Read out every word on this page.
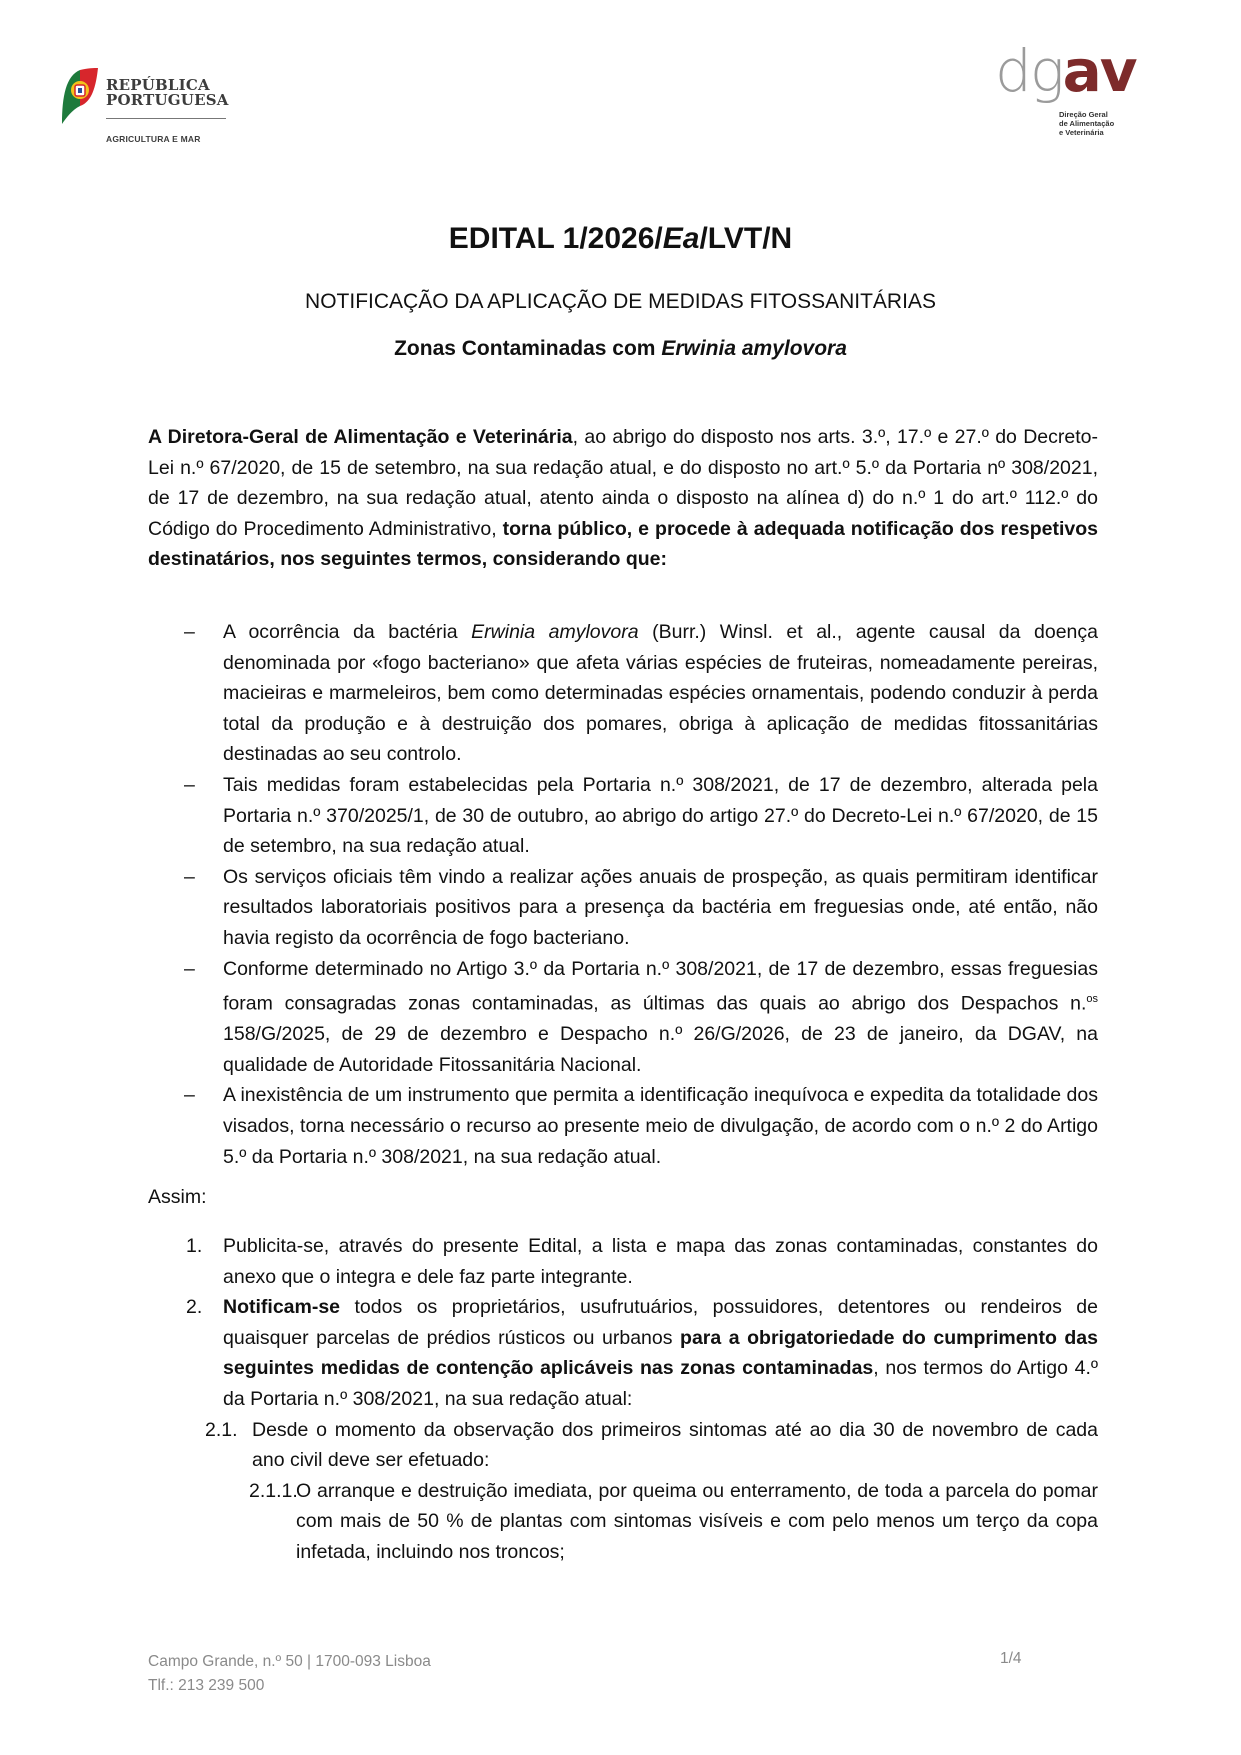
REPÚBLICA
PORTUGUESA
AGRICULTURA E MAR
dgav
Direção Geral
de Alimentação
e Veterinária
EDITAL 1/2026/Ea/LVT/N
NOTIFICAÇÃO DA APLICAÇÃO DE MEDIDAS FITOSSANITÁRIAS
Zonas Contaminadas com Erwinia amylovora
A Diretora-Geral de Alimentação e Veterinária, ao abrigo do disposto nos arts. 3.º, 17.º e 27.º do Decreto-Lei n.º 67/2020, de 15 de setembro, na sua redação atual, e do disposto no art.º 5.º da Portaria nº 308/2021, de 17 de dezembro, na sua redação atual, atento ainda o disposto na alínea d) do n.º 1 do art.º 112.º do Código do Procedimento Administrativo, torna público, e procede à adequada notificação dos respetivos destinatários, nos seguintes termos, considerando que:
– A ocorrência da bactéria Erwinia amylovora (Burr.) Winsl. et al., agente causal da doença denominada por «fogo bacteriano» que afeta várias espécies de fruteiras, nomeadamente pereiras, macieiras e marmeleiros, bem como determinadas espécies ornamentais, podendo conduzir à perda total da produção e à destruição dos pomares, obriga à aplicação de medidas fitossanitárias destinadas ao seu controlo.
– Tais medidas foram estabelecidas pela Portaria n.º 308/2021, de 17 de dezembro, alterada pela Portaria n.º 370/2025/1, de 30 de outubro, ao abrigo do artigo 27.º do Decreto-Lei n.º 67/2020, de 15 de setembro, na sua redação atual.
– Os serviços oficiais têm vindo a realizar ações anuais de prospeção, as quais permitiram identificar resultados laboratoriais positivos para a presença da bactéria em freguesias onde, até então, não havia registo da ocorrência de fogo bacteriano.
– Conforme determinado no Artigo 3.º da Portaria n.º 308/2021, de 17 de dezembro, essas freguesias foram consagradas zonas contaminadas, as últimas das quais ao abrigo dos Despachos n.$^{os}$ 158/G/2025, de 29 de dezembro e Despacho n.º 26/G/2026, de 23 de janeiro, da DGAV, na qualidade de Autoridade Fitossanitária Nacional.
– A inexistência de um instrumento que permita a identificação inequívoca e expedita da totalidade dos visados, torna necessário o recurso ao presente meio de divulgação, de acordo com o n.º 2 do Artigo 5.º da Portaria n.º 308/2021, na sua redação atual.
Assim:
1. Publicita-se, através do presente Edital, a lista e mapa das zonas contaminadas, constantes do anexo que o integra e dele faz parte integrante.
2. Notificam-se todos os proprietários, usufrutuários, possuidores, detentores ou rendeiros de quaisquer parcelas de prédios rústicos ou urbanos para a obrigatoriedade do cumprimento das seguintes medidas de contenção aplicáveis nas zonas contaminadas, nos termos do Artigo 4.º da Portaria n.º 308/2021, na sua redação atual:
2.1. Desde o momento da observação dos primeiros sintomas até ao dia 30 de novembro de cada ano civil deve ser efetuado:
2.1.1.
O arranque e destruição imediata, por queima ou enterramento, de toda a parcela do pomar com mais de 50 % de plantas com sintomas visíveis e com pelo menos um terço da copa infetada, incluindo nos troncos;
Campo Grande, n.º 50 | 1700-093 Lisboa
Tlf.: 213 239 500
1/4
